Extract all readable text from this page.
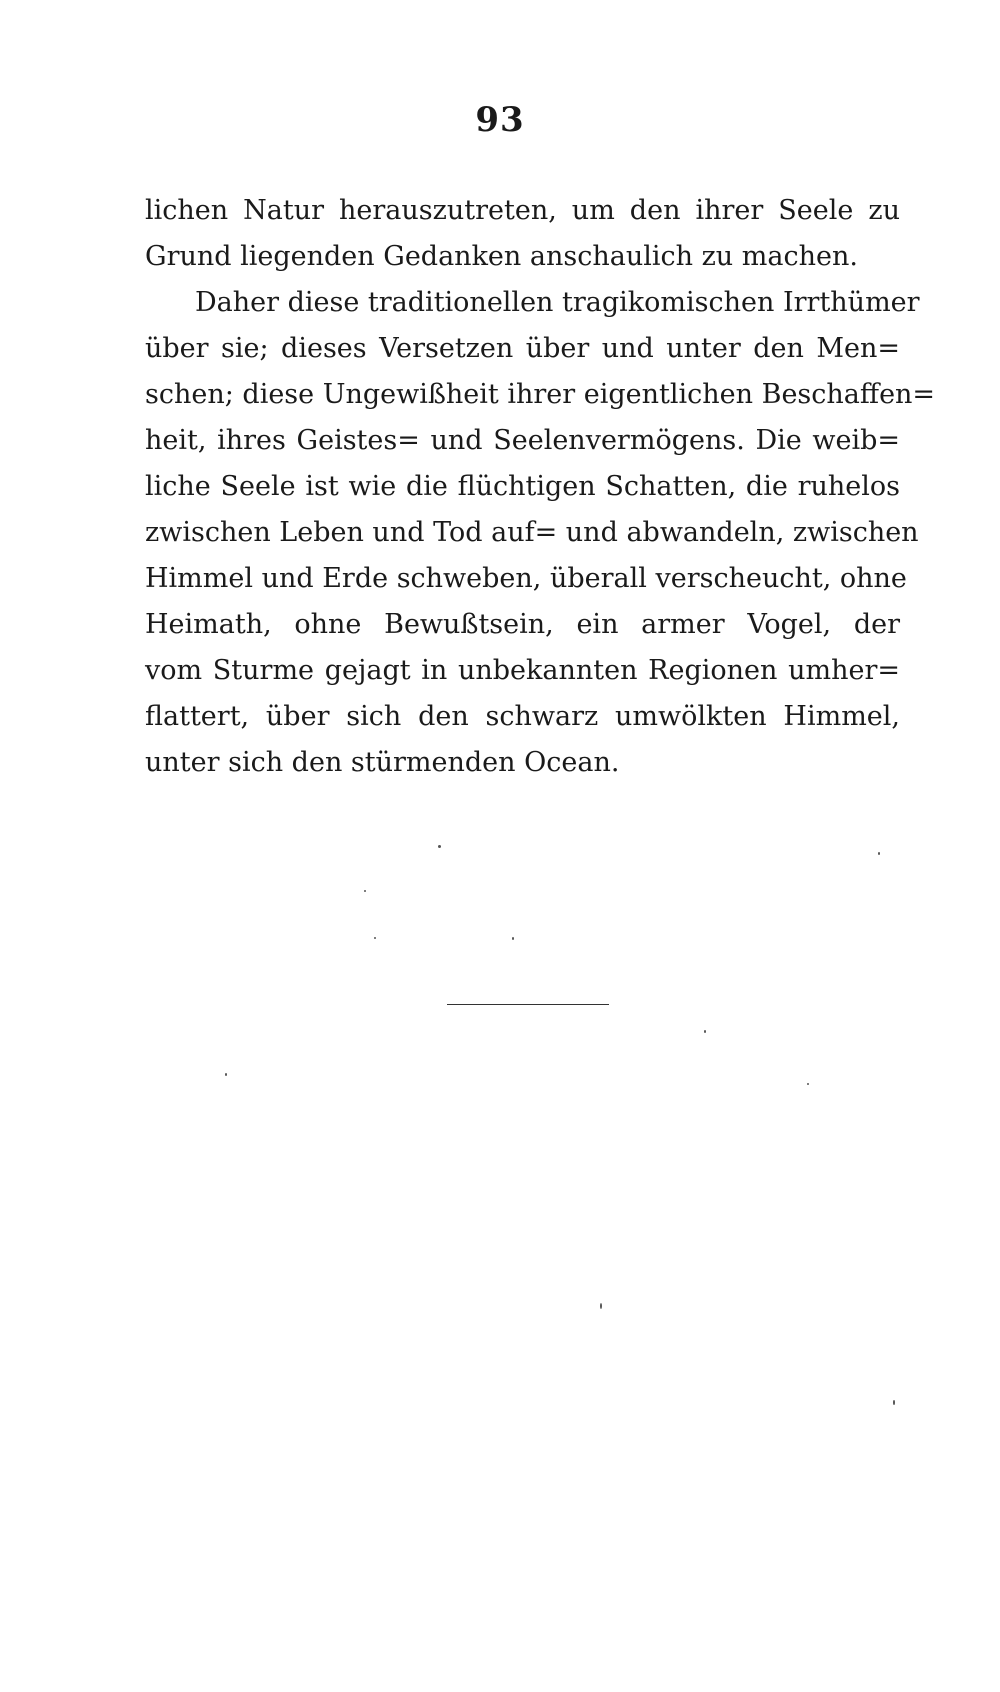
93
lichen Natur herauszutreten, um den ihrer Seele zu
Grund liegenden Gedanken anschaulich zu machen.
Daher diese traditionellen tragikomischen Irrthümer
über sie; dieses Versetzen über und unter den Men=
schen; diese Ungewißheit ihrer eigentlichen Beschaffen=
heit, ihres Geistes= und Seelenvermögens. Die weib=
liche Seele ist wie die flüchtigen Schatten, die ruhelos
zwischen Leben und Tod auf= und abwandeln, zwischen
Himmel und Erde schweben, überall verscheucht, ohne
Heimath, ohne Bewußtsein, ein armer Vogel, der
vom Sturme gejagt in unbekannten Regionen umher=
flattert, über sich den schwarz umwölkten Himmel,
unter sich den stürmenden Ocean.
